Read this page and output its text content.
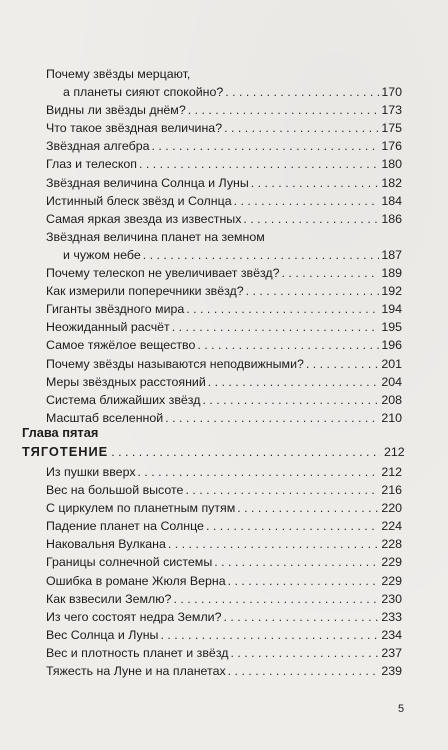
Почему звёзды мерцают,
а планеты сияют спокойно? . . .	170
Видны ли звёзды днём? . . .	173
Что такое звёздная величина? . . .	175
Звёздная алгебра . . .	176
Глаз и телескоп . . .	180
Звёздная величина Солнца и Луны . . .	182
Истинный блеск звёзд и Солнца . . .	184
Самая яркая звезда из известных . . .	186
Звёздная величина планет на земном
и чужом небе . . .	187
Почему телескоп не увеличивает звёзд? . . .	189
Как измерили поперечники звёзд? . . .	192
Гиганты звёздного мира . . .	194
Неожиданный расчёт . . .	195
Самое тяжёлое вещество . . .	196
Почему звёзды называются неподвижными? . . .	201
Меры звёздных расстояний . . .	204
Система ближайших звёзд . . .	208
Масштаб вселенной . . .	210
Глава пятая
ТЯГОТЕНИЕ . . .	212
Из пушки вверх . . .	212
Вес на большой высоте . . .	216
С циркулем по планетным путям . . .	220
Падение планет на Солнце . . .	224
Наковальня Вулкана . . .	228
Границы солнечной системы . . .	229
Ошибка в романе Жюля Верна . . .	229
Как взвесили Землю? . . .	230
Из чего состоят недра Земли? . . .	233
Вес Солнца и Луны . . .	234
Вес и плотность планет и звёзд . . .	237
Тяжесть на Луне и на планетах . . .	239
5
